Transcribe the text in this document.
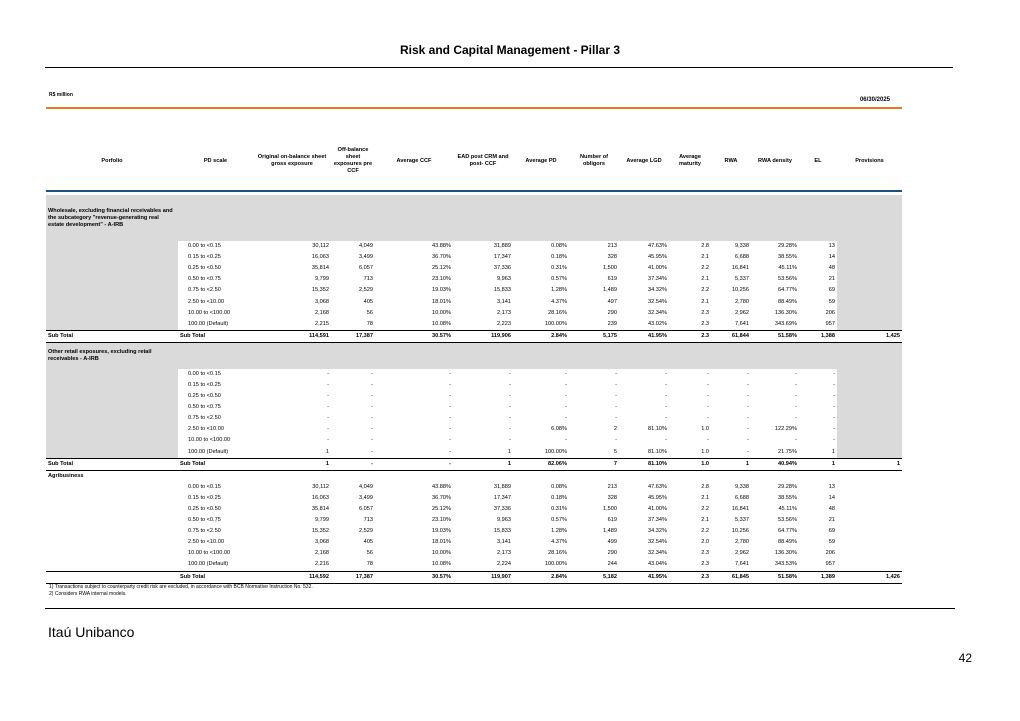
Risk and Capital Management - Pillar 3
R$ million
06/30/2025
Porfolio	PD scale	Original on-balance sheet gross exposure	Off-balance sheet exposures pre CCF	Average CCF	EAD post CRM and post- CCF	Average PD	Number of obligors	Average LGD	Average maturity	RWA	RWA density	EL	Provisions

Wholesale, excluding financial receivables and the subcategory "revenue-generating real estate development" - A-IRB													
	0.00 to <0.15	30,112	4,049	43.88%	31,889	0.08%	213	47.63%	2.8	9,338	29.28%	13	
	0.15 to <0.25	16,063	3,499	36.70%	17,347	0.18%	328	45.95%	2.1	6,688	38.55%	14	
	0.25 to <0.50	35,814	6,057	25.12%	37,336	0.31%	1,500	41.00%	2.2	16,841	45.11%	48	
	0.50 to <0.75	9,799	713	23.10%	9,963	0.57%	619	37.34%	2.1	5,337	53.56%	21	
	0.75 to <2.50	15,352	2,529	19.03%	15,833	1.28%	1,489	34.32%	2.2	10,256	64.77%	69	
	2.50 to <10.00	3,068	405	18.01%	3,141	4.37%	497	32.54%	2.1	2,780	88.49%	59	
	10.00 to <100.00	2,168	56	10.00%	2,173	28.16%	290	32.34%	2.3	2,962	136.30%	206	
	100.00 (Default)	2,215	78	10.08%	2,223	100.00%	239	43.02%	2.3	7,641	343.69%	957	
Sub Total	Sub Total	114,591	17,387	30.57%	119,906	2.84%	5,175	41.95%	2.3	61,844	51.58%	1,388	1,425
Other retail exposures, excluding retail receivables - A-IRB													
	0.00 to <0.15	-	-	-	-	-	-	-	-	-	-	-	
	0.15 to <0.25	-	-	-	-	-	-	-	-	-	-	-	
	0.25 to <0.50	-	-	-	-	-	-	-	-	-	-	-	
	0.50 to <0.75	-	-	-	-	-	-	-	-	-	-	-	
	0.75 to <2.50	-	-	-	-	-	-	-	-	-	-	-	
	2.50 to <10.00	-	-	-	-	6.08%	2	81.10%	1.0	-	122.29%	-	
	10.00 to <100.00	-	-	-	-	-	-	-	-	-	-	-	
	100.00 (Default)	1	-	-	1	100.00%	5	81.10%	1.0	-	21.75%	1	
Sub Total	Sub Total	1	-	-	1	82.06%	7	81.10%	1.0	1	40.94%	1	1
Agribusiness													
	0.00 to <0.15	30,112	4,049	43.88%	31,889	0.08%	213	47.63%	2.8	9,338	29.28%	13	
	0.15 to <0.25	16,063	3,499	36.70%	17,347	0.18%	328	45.95%	2.1	6,688	38.55%	14	
	0.25 to <0.50	35,814	6,057	25.12%	37,336	0.31%	1,500	41.00%	2.2	16,841	45.11%	48	
	0.50 to <0.75	9,799	713	23.10%	9,963	0.57%	619	37.34%	2.1	5,337	53.56%	21	
	0.75 to <2.50	15,352	2,529	19.03%	15,833	1.28%	1,489	34.32%	2.2	10,256	64.77%	69	
	2.50 to <10.00	3,068	405	18.01%	3,141	4.37%	499	32.54%	2.0	2,780	88.49%	59	
	10.00 to <100.00	2,168	56	10.00%	2,173	28.16%	290	32.34%	2.3	2,962	136.30%	206	
	100.00 (Default)	2,216	78	10.08%	2,224	100.00%	244	43.04%	2.3	7,641	343.53%	957	
	Sub Total	114,592	17,387	30.57%	119,907	2.84%	5,182	41.95%	2.3	61,845	51.58%	1,389	1,426
1) Transactions subject to counterparty credit risk are excluded, in accordance with BCB Normative Instruction No. 532.
2) Considers RWA internal models.
Itaú Unibanco
42
